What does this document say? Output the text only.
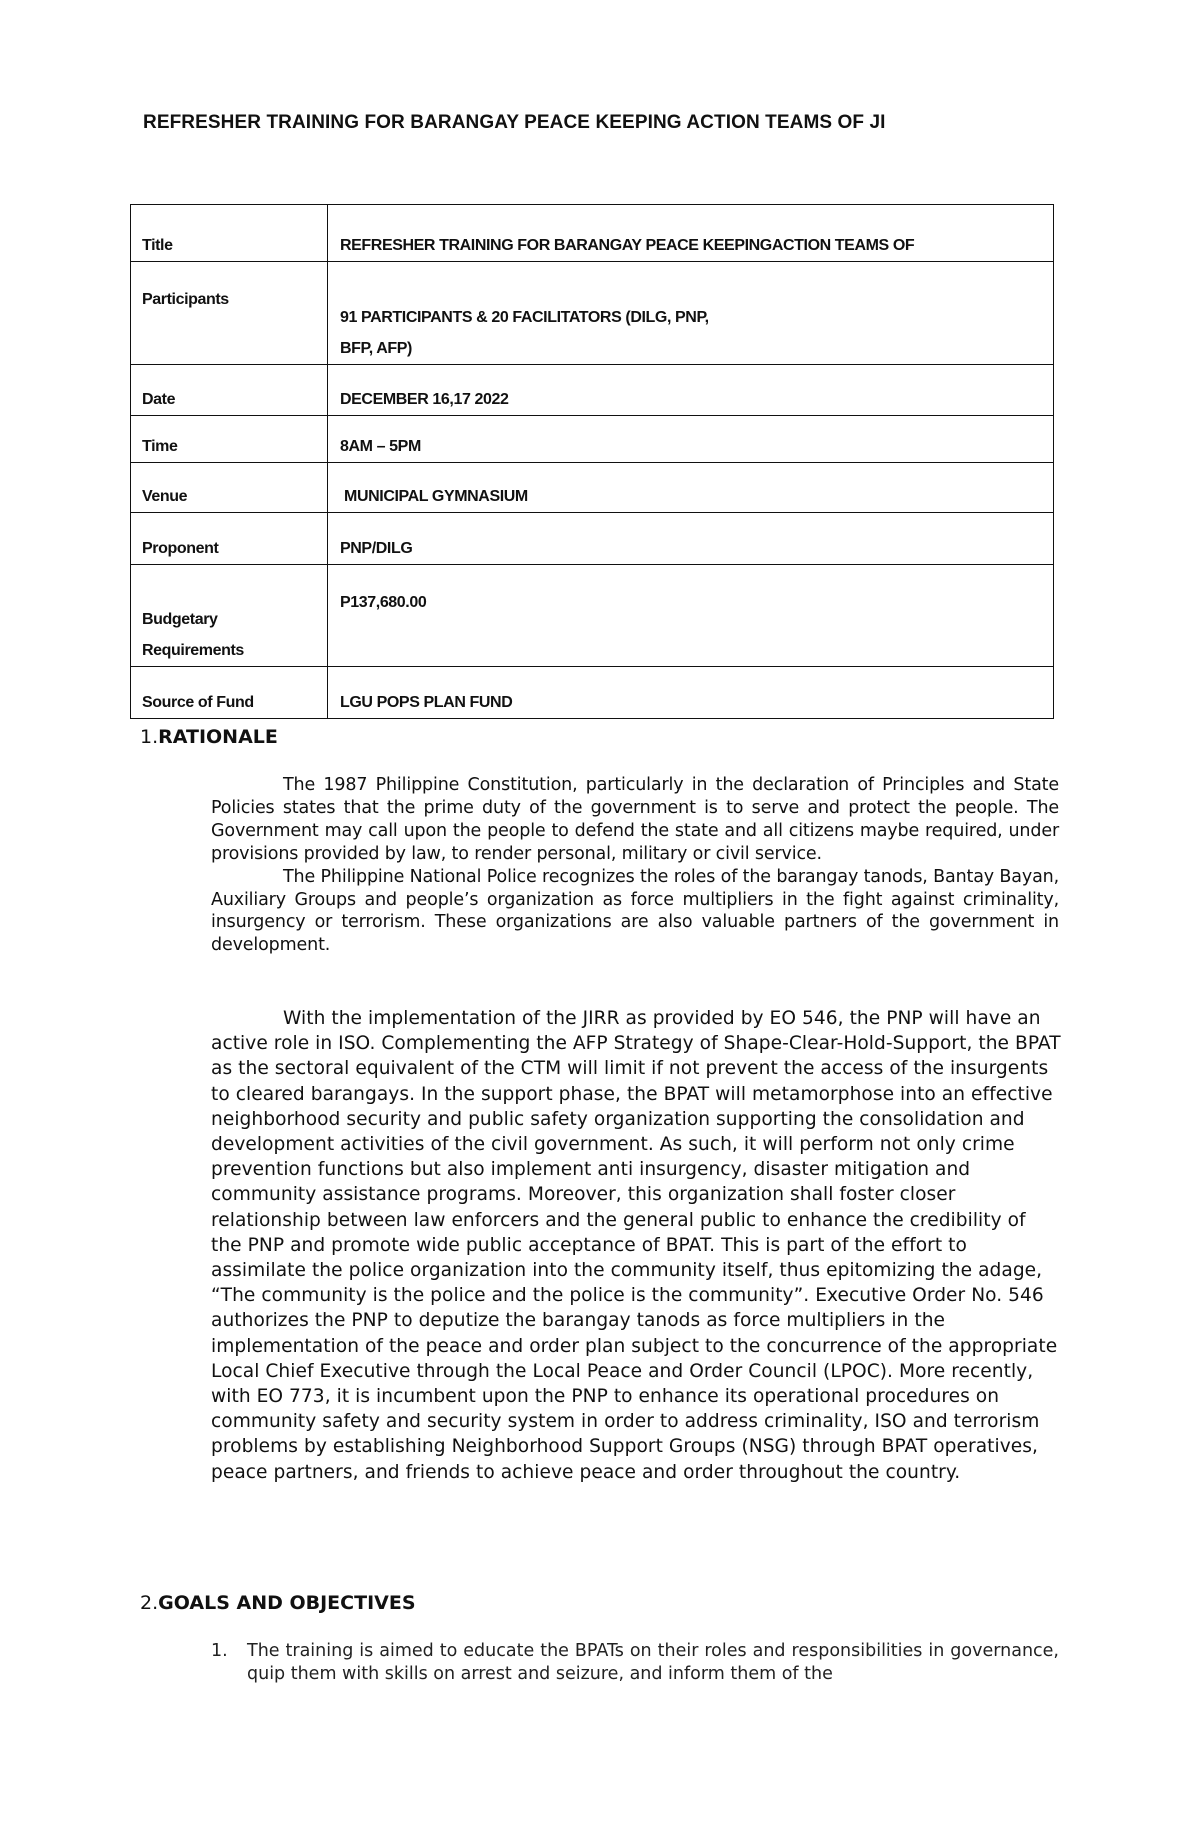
REFRESHER TRAINING FOR BARANGAY PEACE KEEPING ACTION TEAMS OF JI
Title	REFRESHER TRAINING FOR BARANGAY PEACE KEEPINGACTION TEAMS OF
Participants	91 PARTICIPANTS & 20 FACILITATORS (DILG, PNP,
BFP, AFP)

Date	DECEMBER 16,17 2022
Time	8AM – 5PM
Venue	MUNICIPAL GYMNASIUM
Proponent	PNP/DILG

Budgetary
Requirements	P137,680.00
Source of Fund	LGU POPS PLAN FUND
1.RATIONALE

The 1987 Philippine Constitution, particularly in the declaration of Principles and State Policies states that the prime duty of the government is to serve and protect the people. The Government may call upon the people to defend the state and all citizens maybe required, under provisions provided by law, to render personal, military or civil service.

The Philippine National Police recognizes the roles of the barangay tanods, Bantay Bayan, Auxiliary Groups and people’s organization as force multipliers in the fight against criminality, insurgency or terrorism. These organizations are also valuable partners of the government in development.

With the implementation of the JIRR as provided by EO 546, the PNP will have an active role in ISO. Complementing the AFP Strategy of Shape-Clear-Hold-Support, the BPAT as the sectoral equivalent of the CTM will limit if not prevent the access of the insurgents to cleared barangays. In the support phase, the BPAT will metamorphose into an effective neighborhood security and public safety organization supporting the consolidation and development activities of the civil government. As such, it will perform not only crime prevention functions but also implement anti insurgency, disaster mitigation and community assistance programs. Moreover, this organization shall foster closer relationship between law enforcers and the general public to enhance the credibility of the PNP and promote wide public acceptance of BPAT. This is part of the effort to assimilate the police organization into the community itself, thus epitomizing the adage, “The community is the police and the police is the community”. Executive Order No. 546 authorizes the PNP to deputize the barangay tanods as force multipliers in the implementation of the peace and order plan subject to the concurrence of the appropriate Local Chief Executive through the Local Peace and Order Council (LPOC). More recently, with EO 773, it is incumbent upon the PNP to enhance its operational procedures on community safety and security system in order to address criminality, ISO and terrorism problems by establishing Neighborhood Support Groups (NSG) through BPAT operatives, peace partners, and friends to achieve peace and order throughout the country.

2.GOALS AND OBJECTIVES
1. The training is aimed to educate the BPATs on their roles and responsibilities in governance, quip them with skills on arrest and seizure, and inform them of the
